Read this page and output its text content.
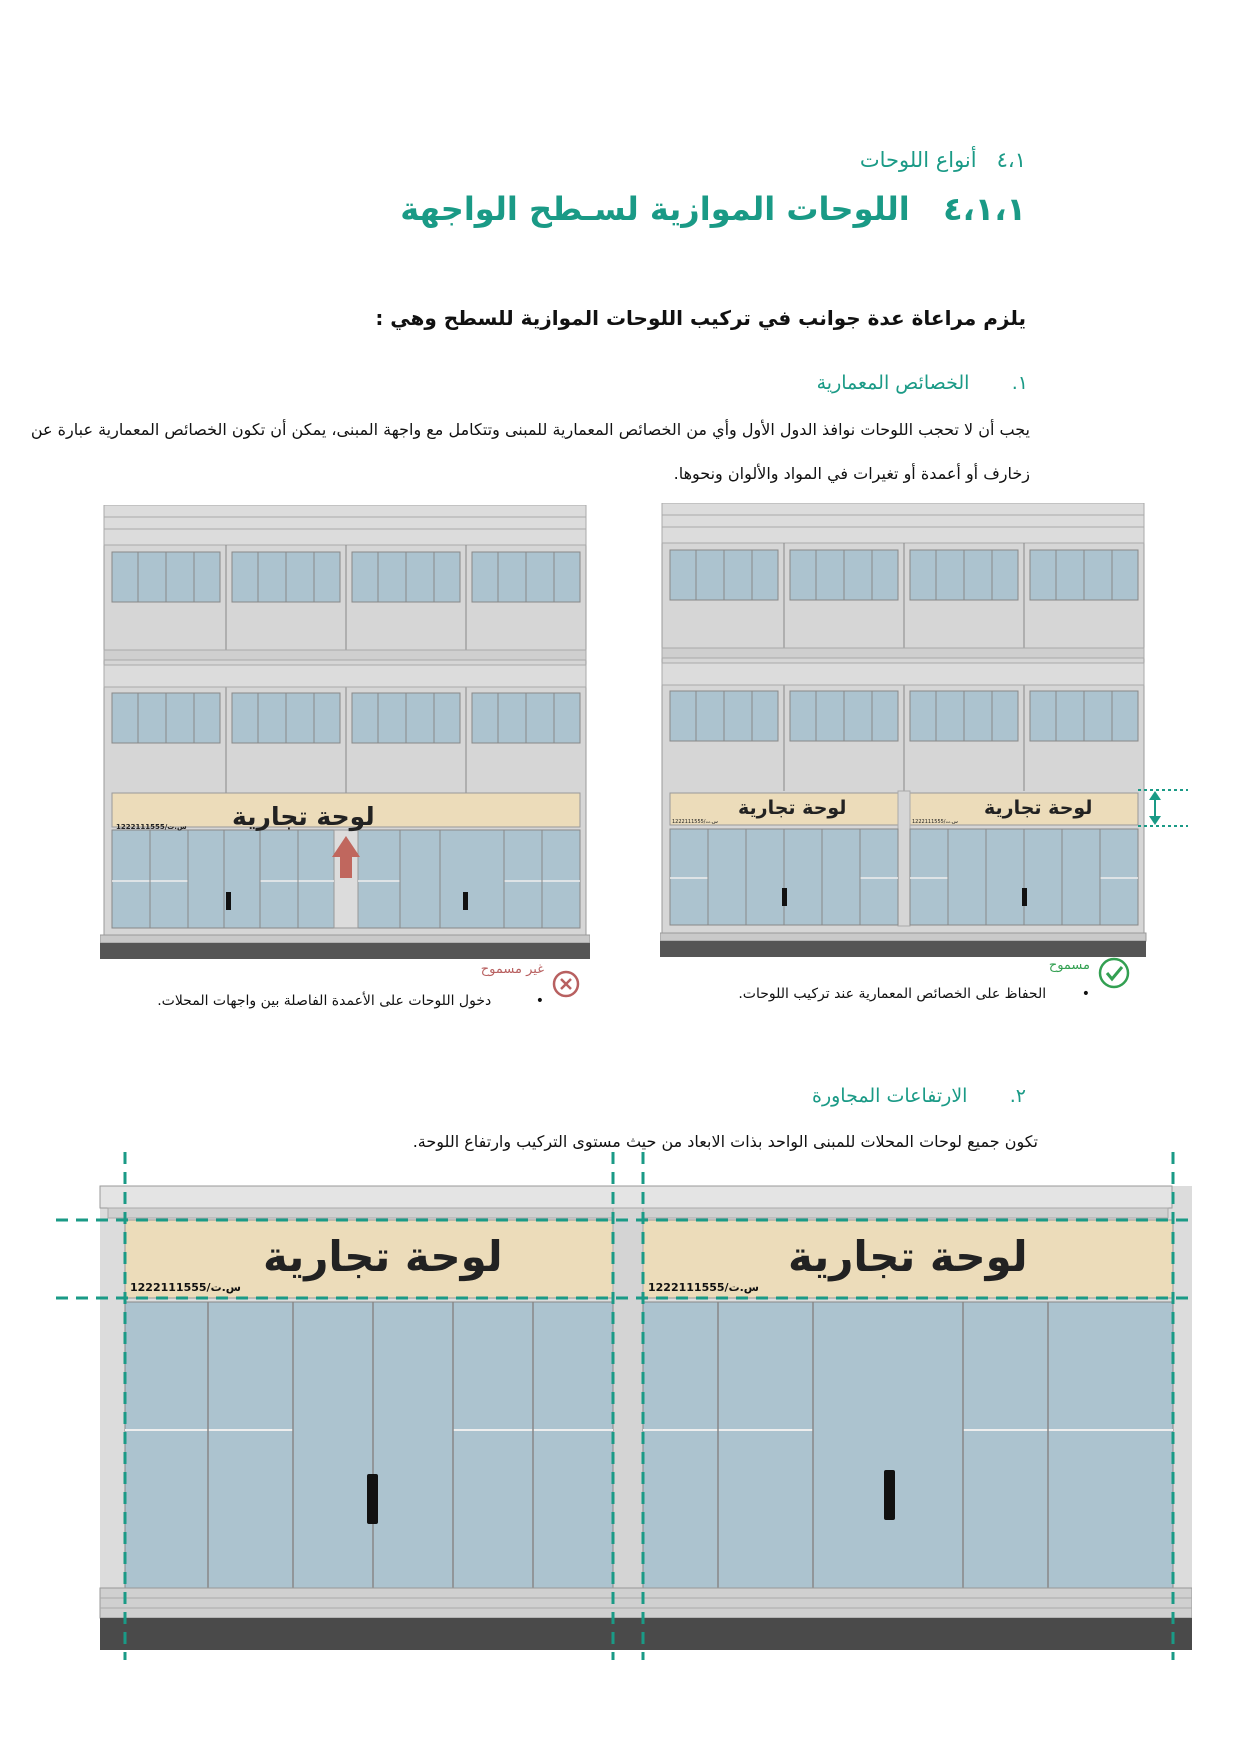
٤،١   أنواع اللوحات
٤،١،١   اللوحات الموازية لسـطح الواجهة
يلزم مراعاة عدة جوانب في تركيب اللوحات الموازية للسطح وهي :
١.       الخصائص المعمارية
يجب أن لا تحجب اللوحات نوافذ الدول الأول وأي من الخصائص المعمارية للمبنى وتتكامل مع واجهة المبنى، يمكن أن تكون الخصائص المعمارية عبارة عن
زخارف أو أعمدة أو تغيرات في المواد والألوان ونحوها.
لوحة تجارية
1222111555/س.ت
غير مسموح
•          دخول اللوحات على الأعمدة الفاصلة بين واجهات المحلات.
لوحة تجارية	لوحة تجارية
1222111555/س.ت	1222111555/س.ت
مسموح
•        الحفاظ على الخصائص المعمارية عند تركيب اللوحات.
٢.       الارتفاعات المجاورة
تكون جميع لوحات المحلات للمبنى الواحد بذات الابعاد من حيث مستوى التركيب وارتفاع اللوحة.
لوحة تجارية	لوحة تجارية
1222111555/س.ت	1222111555/س.ت
